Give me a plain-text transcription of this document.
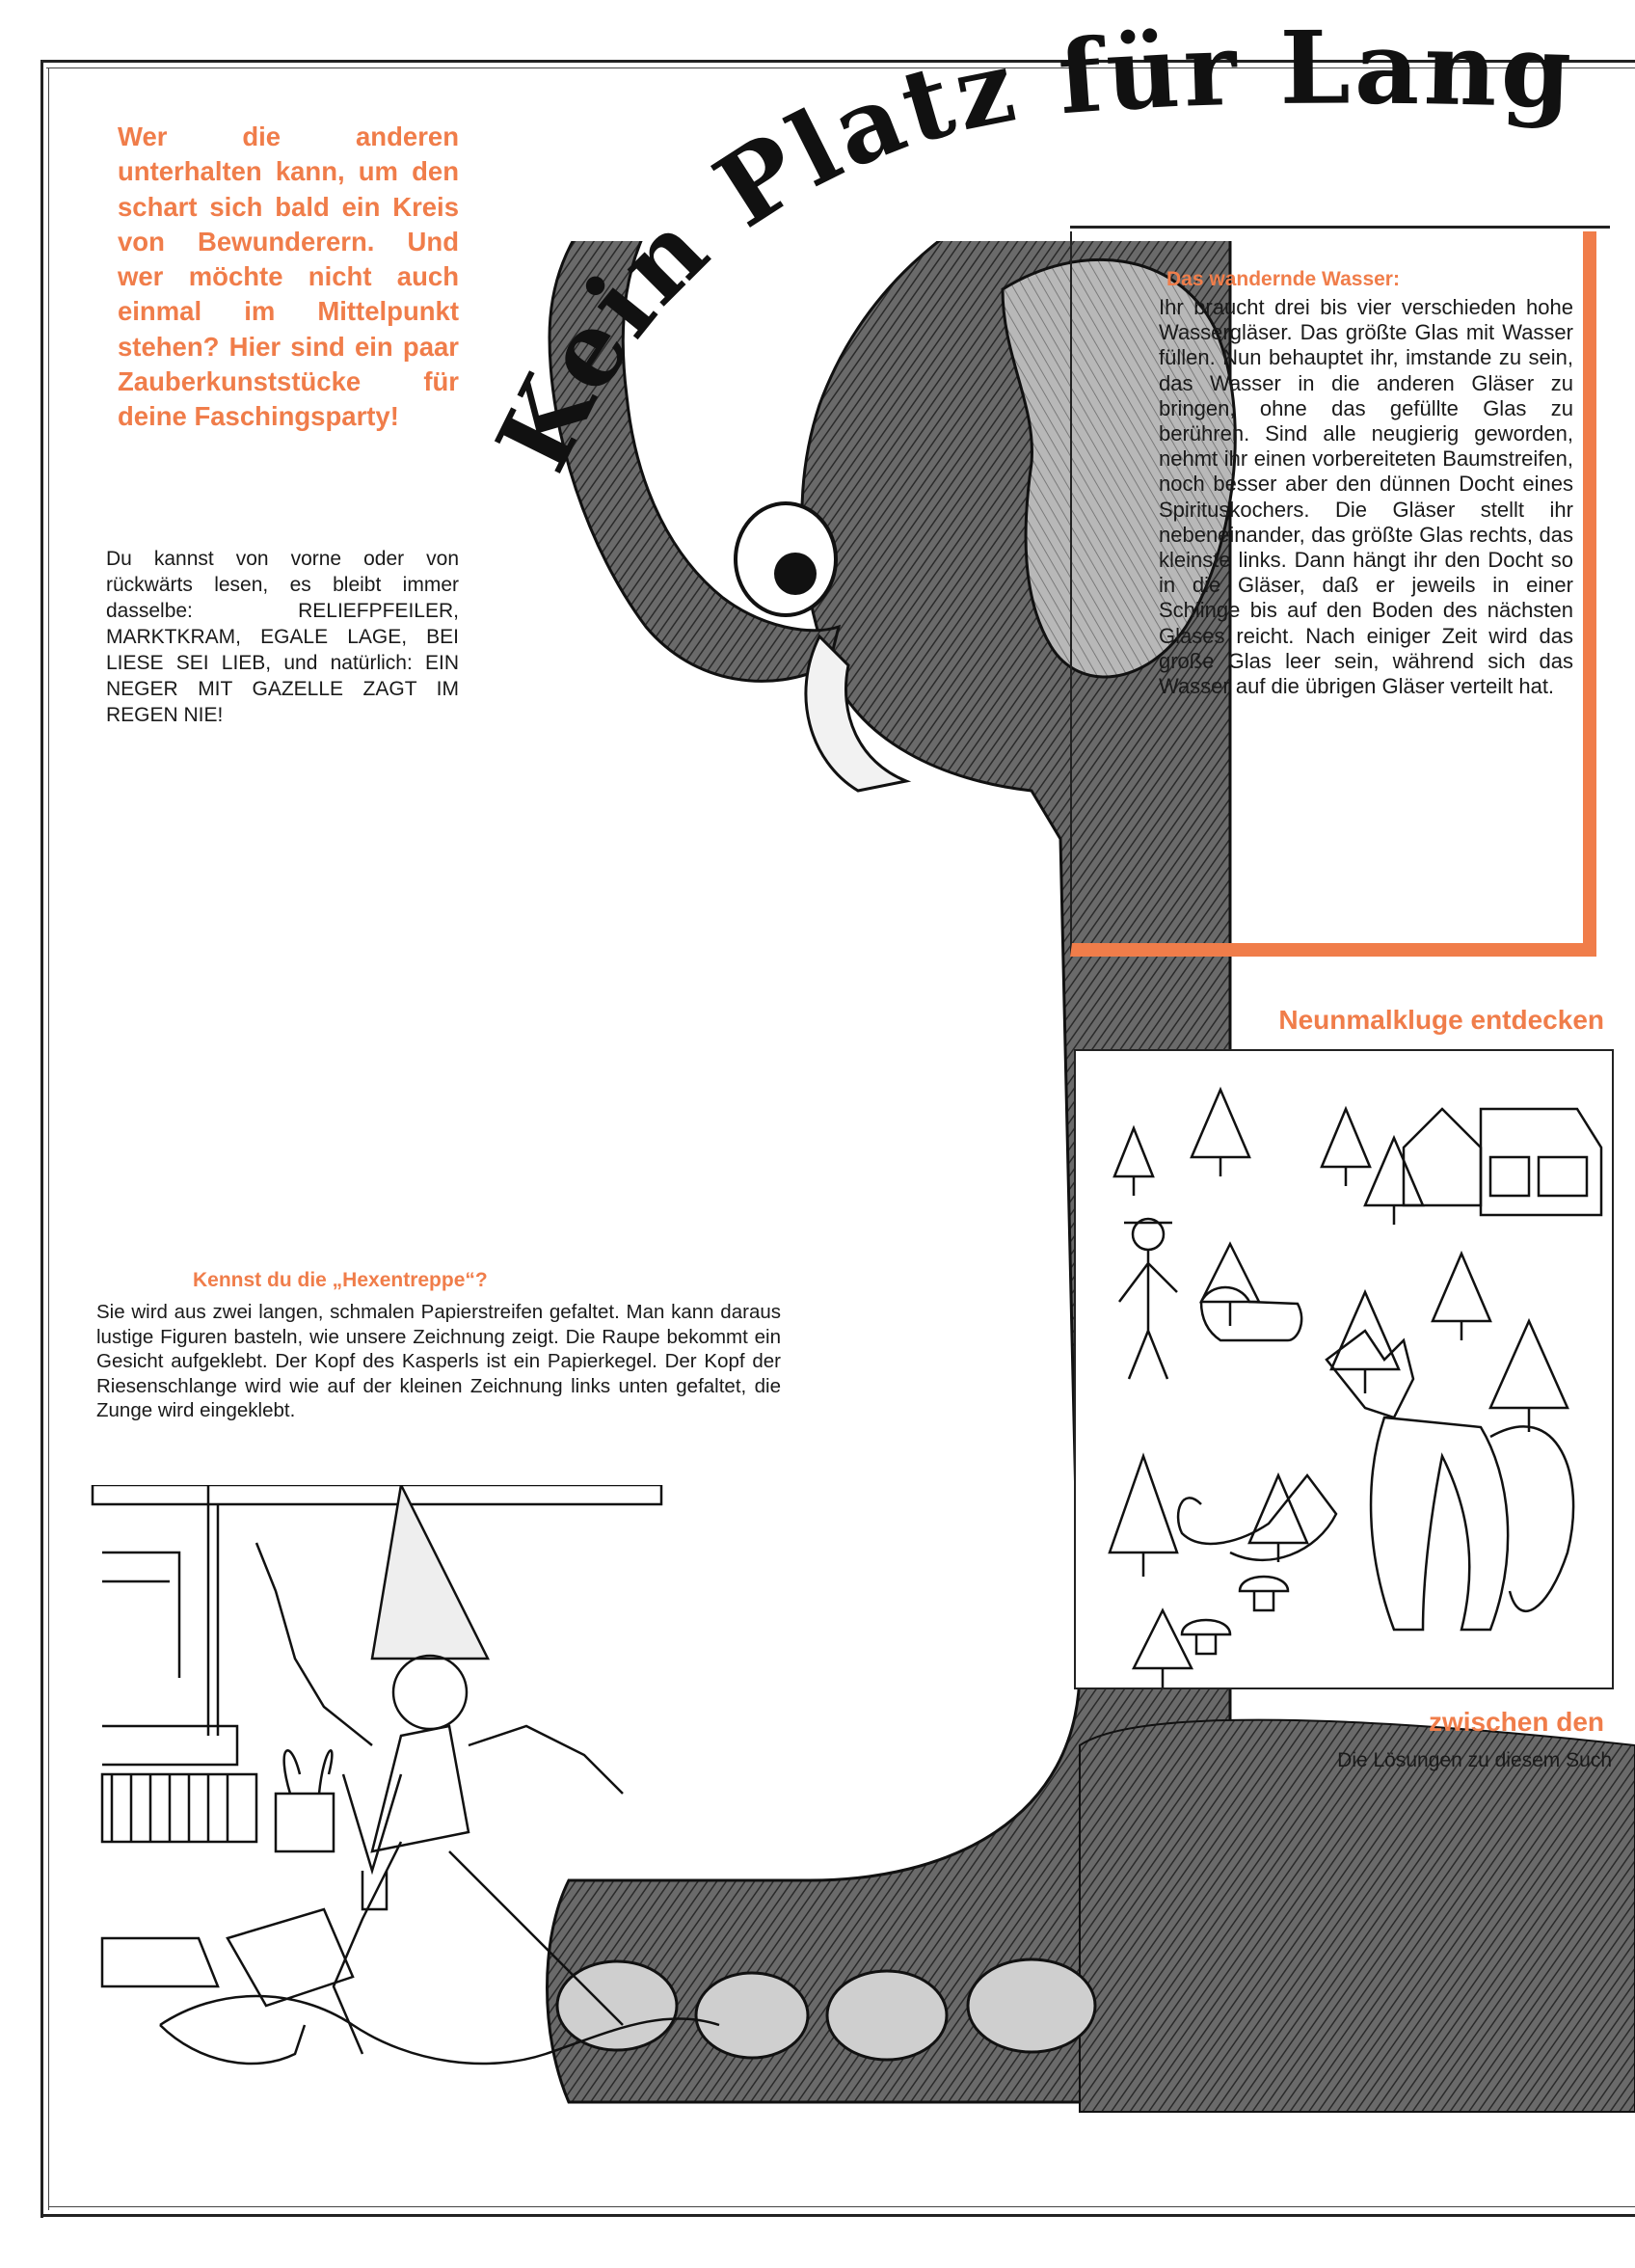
Kein Platz für Lang
Wer die anderen unterhalten kann, um den schart sich bald ein Kreis von Bewunderern. Und wer möchte nicht auch einmal im Mittelpunkt stehen? Hier sind ein paar Zauberkunststücke für deine Faschingsparty!
Du kannst von vorne oder von rückwärts lesen, es bleibt immer dasselbe: RELIEFPFEILER, MARKTKRAM, EGALE LAGE, BEI LIESE SEI LIEB, und natürlich: EIN NEGER MIT GAZELLE ZAGT IM REGEN NIE!
Das wandernde Wasser:
Ihr braucht drei bis vier verschieden hohe Wassergläser. Das größte Glas mit Wasser füllen. Nun behauptet ihr, imstande zu sein, das Wasser in die anderen Gläser zu bringen, ohne das gefüllte Glas zu berühren. Sind alle neugierig geworden, nehmt ihr einen vorbereiteten Baumstreifen, noch besser aber den dünnen Docht eines Spirituskochers. Die Gläser stellt ihr nebeneinander, das größte Glas rechts, das kleinste links. Dann hängt ihr den Docht so in die Gläser, daß er jeweils in einer Schlinge bis auf den Boden des nächsten Glases reicht. Nach einiger Zeit wird das große Glas leer sein, während sich das Wasser auf die übrigen Gläser verteilt hat.
Neunmalkluge entdecken
zwischen den
Die Lösungen zu diesem Such
Kennst du die „Hexentreppe“?
Sie wird aus zwei langen, schmalen Papierstreifen gefaltet. Man kann daraus lustige Figuren basteln, wie unsere Zeichnung zeigt. Die Raupe bekommt ein Gesicht aufgeklebt. Der Kopf des Kasperls ist ein Papierkegel. Der Kopf der Riesenschlange wird wie auf der kleinen Zeichnung links unten gefaltet, die Zunge wird eingeklebt.
